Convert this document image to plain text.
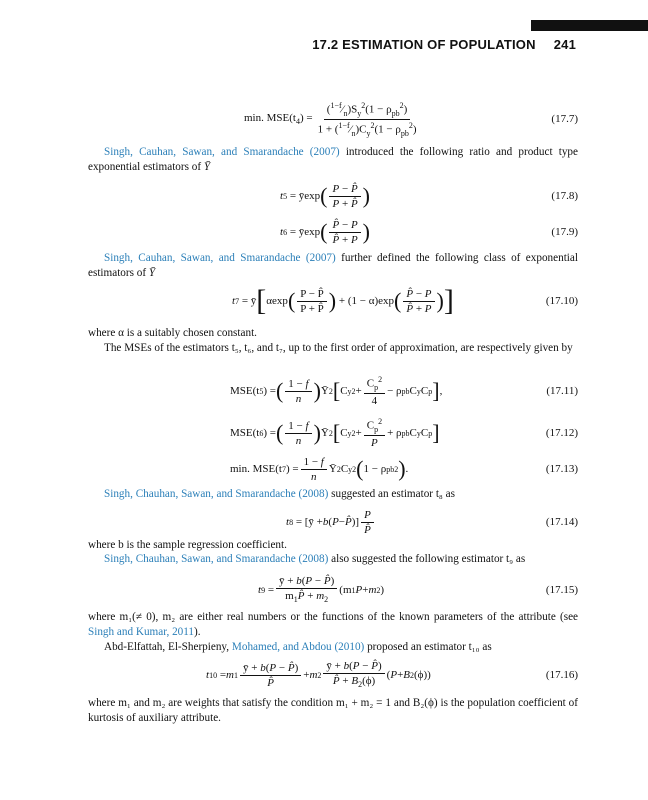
17.2 ESTIMATION OF POPULATION 241
min. $MSE(t_4) = \frac{(^{1-f}⁄_n)S_y^2(1 - \rho_{pb}^2)}{1 + (^{1-f}⁄_n)C_y^2(1 - \rho_{pb}^2)}$	(17.7)
Singh, Cauhan, Sawan, and Smarandache (2007) introduced the following ratio and product type exponential estimators of Ȳ
t 5
= ȳexp ( $\frac{P - P̂}{P + P̂}$ )	(17.8)
t 6
= ȳexp ( $\frac{P̂ - P}{P̂ + P}$ )	(17.9)
Singh, Cauhan, Sawan, and Smarandache (2007) further defined the following class of exponential estimators of Ȳ
t 7 = ȳ [ αexp ( $\frac{P - P̂}{P + P̂}$ ) + (1 − α)exp ( $\frac{P̂ - P}{P̂ + P}$ ) ]	(17.10)
where α is a suitably chosen constant.
The MSEs of the estimators t₅, t₆, and t₇, up to the first order of approximation, are respectively given by
MSE(t 5 ) = ( $\frac{1 - f}{n}$ ) Ȳ 2 [ C y $2 + \frac{C_p^2}{4} - \rho$ pb C y C p ] ,	(17.11)
MSE(t 6 ) = ( $\frac{1 - f}{n}$ ) Ȳ 2 [ C y $2 + \frac{C_p^2}{P} + \rho$ pb C y C p ]	(17.12)
min. MSE(t 7 ) = $\frac{1 - f}{n}$ Ȳ 2 C y 2 ( 1 − ρ pb 2 ) .	(17.13)
Singh, Chauhan, Sawan, and Smarandache (2008) suggested an estimator t₈ as
t 8 = [ȳ + b ( P − P̂ )] $\frac{P}{P̂}$	(17.14)
where b is the sample regression coefficient.
Singh, Chauhan, Sawan, and Smarandache (2008) also suggested the following estimator t₉ as
t $9 = \frac{ȳ + b(P - P̂)}{m_1P̂ + m_2} (m$ 1 P + m 2 )	(17.15)
where m₁(≠ 0), m₂ are either real numbers or the functions of the known parameters of the attribute (see Singh and Kumar, 2011).
Abd-Elfattah, El-Sherpieny, Mohamed, and Abdou (2010) proposed an estimator t₁₀ as
t 10 = m $1 \frac{ȳ + b(P - P̂)}{P̂} + m$ $2 \frac{ȳ + b(P - P̂)}{P̂ + B_2(\phi)}$ ( P + B 2 (ϕ))	(17.16)
where m₁ and m₂ are weights that satisfy the condition m₁ + m₂ = 1 and B₂(ϕ) is the population coefficient of kurtosis of auxiliary attribute.
